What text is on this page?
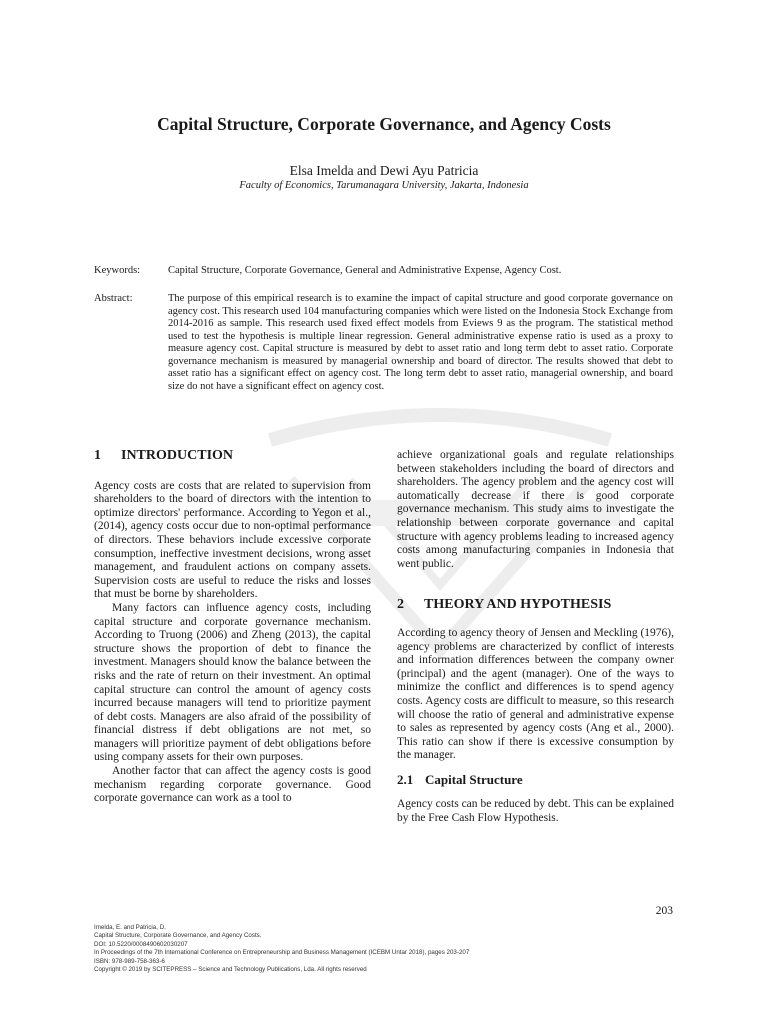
Capital Structure, Corporate Governance, and Agency Costs
Elsa Imelda and Dewi Ayu Patricia
Faculty of Economics, Tarumanagara University, Jakarta, Indonesia
Keywords:	Capital Structure, Corporate Governance, General and Administrative Expense, Agency Cost.
Abstract:	The purpose of this empirical research is to examine the impact of capital structure and good corporate governance on agency cost. This research used 104 manufacturing companies which were listed on the Indonesia Stock Exchange from 2014-2016 as sample. This research used fixed effect models from Eviews 9 as the program. The statistical method used to test the hypothesis is multiple linear regression. General administrative expense ratio is used as a proxy to measure agency cost. Capital structure is measured by debt to asset ratio and long term debt to asset ratio. Corporate governance mechanism is measured by managerial ownership and board of director. The results showed that debt to asset ratio has a significant effect on agency cost. The long term debt to asset ratio, managerial ownership, and board size do not have a significant effect on agency cost.
1 INTRODUCTION

Agency costs are costs that are related to supervision from shareholders to the board of directors with the intention to optimize directors' performance. According to Yegon et al., (2014), agency costs occur due to non-optimal performance of directors. These behaviors include excessive corporate consumption, ineffective investment decisions, wrong asset management, and fraudulent actions on company assets. Supervision costs are useful to reduce the risks and losses that must be borne by shareholders.

Many factors can influence agency costs, including capital structure and corporate governance mechanism. According to Truong (2006) and Zheng (2013), the capital structure shows the proportion of debt to finance the investment. Managers should know the balance between the risks and the rate of return on their investment. An optimal capital structure can control the amount of agency costs incurred because managers will tend to prioritize payment of debt costs. Managers are also afraid of the possibility of financial distress if debt obligations are not met, so managers will prioritize payment of debt obligations before using company assets for their own purposes.

Another factor that can affect the agency costs is good mechanism regarding corporate governance. Good corporate governance can work as a tool to

achieve organizational goals and regulate relationships between stakeholders including the board of directors and shareholders. The agency problem and the agency cost will automatically decrease if there is good corporate governance mechanism. This study aims to investigate the relationship between corporate governance and capital structure with agency problems leading to increased agency costs among manufacturing companies in Indonesia that went public.

2 THEORY AND HYPOTHESIS

According to agency theory of Jensen and Meckling (1976), agency problems are characterized by conflict of interests and information differences between the company owner (principal) and the agent (manager). One of the ways to minimize the conflict and differences is to spend agency costs. Agency costs are difficult to measure, so this research will choose the ratio of general and administrative expense to sales as represented by agency costs (Ang et al., 2000). This ratio can show if there is excessive consumption by the manager.

2.1 Capital Structure

Agency costs can be reduced by debt. This can be explained by the Free Cash Flow Hypothesis.

203
Imelda, E. and Patricia, D.
Capital Structure, Corporate Governance, and Agency Costs.
DOI: 10.5220/0008490602030207
In Proceedings of the 7th International Conference on Entrepreneurship and Business Management (ICEBM Untar 2018), pages 203-207
ISBN: 978-989-758-363-6
Copyright © 2019 by SCITEPRESS – Science and Technology Publications, Lda. All rights reserved
